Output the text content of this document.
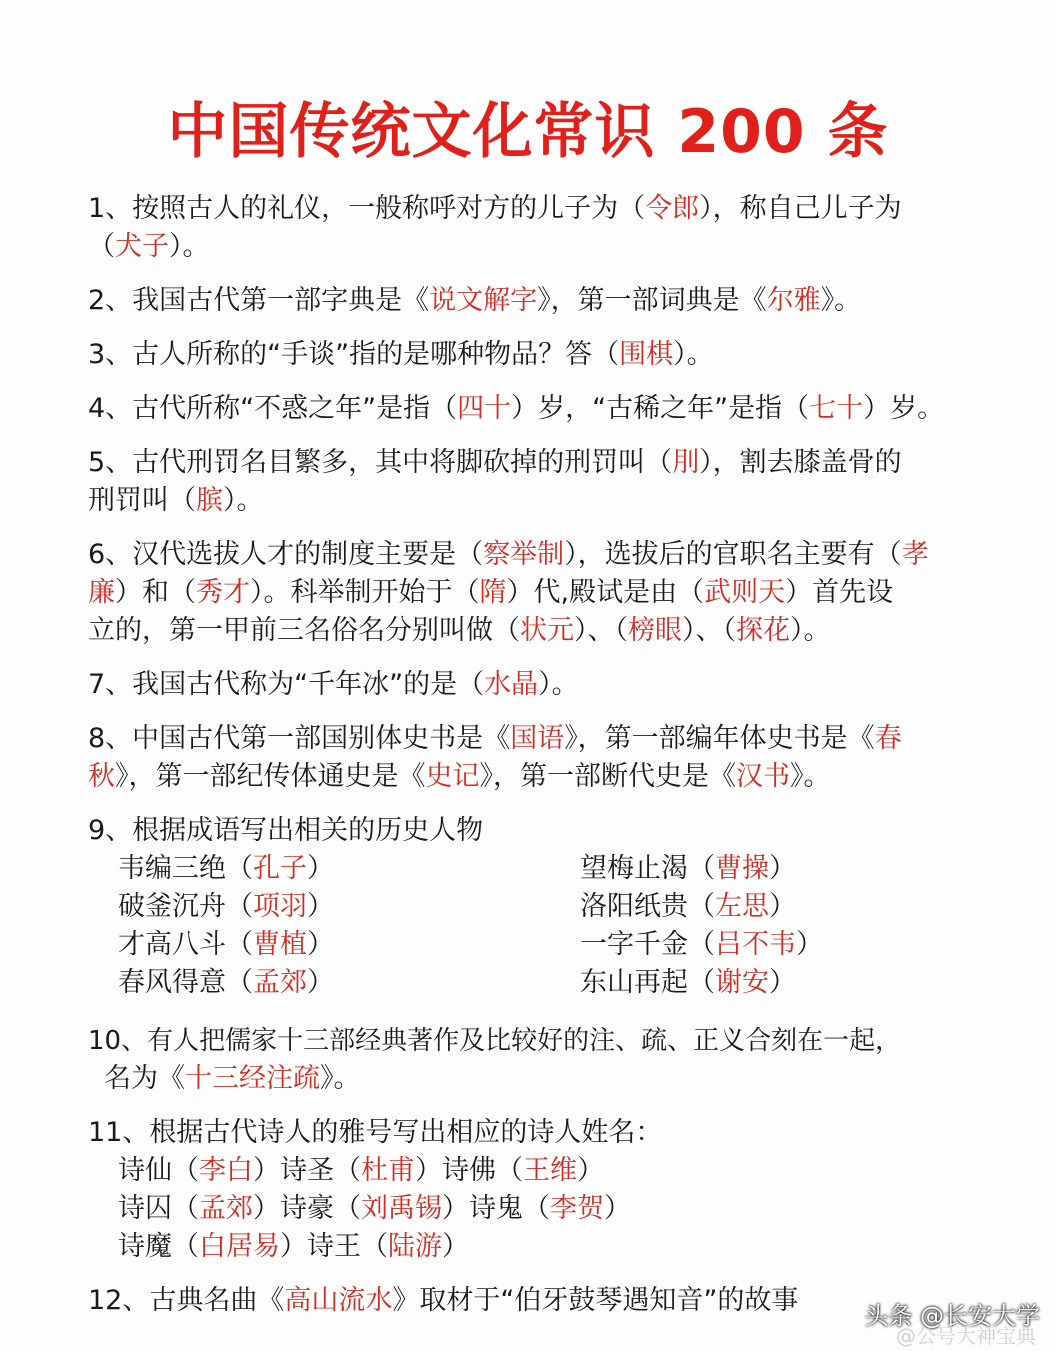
中国传统文化常识 200 条
1、按照古人的礼仪，一般称呼对方的儿子为（令郎），称自己儿子为
（犬子）。
2、我国古代第一部字典是《说文解字》，第一部词典是《尔雅》。
3、古人所称的“手谈”指的是哪种物品？答（围棋）。
4、古代所称“不惑之年”是指（四十）岁，“古稀之年”是指（七十）岁。
5、古代刑罚名目繁多，其中将脚砍掉的刑罚叫（刖），割去膝盖骨的
刑罚叫（膑）。
6、汉代选拔人才的制度主要是（察举制），选拔后的官职名主要有（孝
廉）和（秀才）。科举制开始于（隋）代,殿试是由（武则天）首先设
立的，第一甲前三名俗名分别叫做（状元）、（榜眼）、（探花）。
7、我国古代称为“千年冰”的是（水晶）。
8、中国古代第一部国别体史书是《国语》，第一部编年体史书是《春
秋》，第一部纪传体通史是《史记》，第一部断代史是《汉书》。
9、根据成语写出相关的历史人物
韦编三绝（孔子）	望梅止渴（曹操）
破釜沉舟（项羽）	洛阳纸贵（左思）
才高八斗（曹植）	一字千金（吕不韦）
春风得意（孟郊）	东山再起（谢安）
10、有人把儒家十三部经典著作及比较好的注、疏、正义合刻在一起，
名为《十三经注疏》。
11、根据古代诗人的雅号写出相应的诗人姓名：
诗仙（李白）诗圣（杜甫）诗佛（王维）
诗囚（孟郊）诗豪（刘禹锡）诗鬼（李贺）
诗魔（白居易）诗王（陆游）
12、古典名曲《高山流水》取材于“伯牙鼓琴遇知音”的故事	头条 @长安大学
@公号大神宝典
